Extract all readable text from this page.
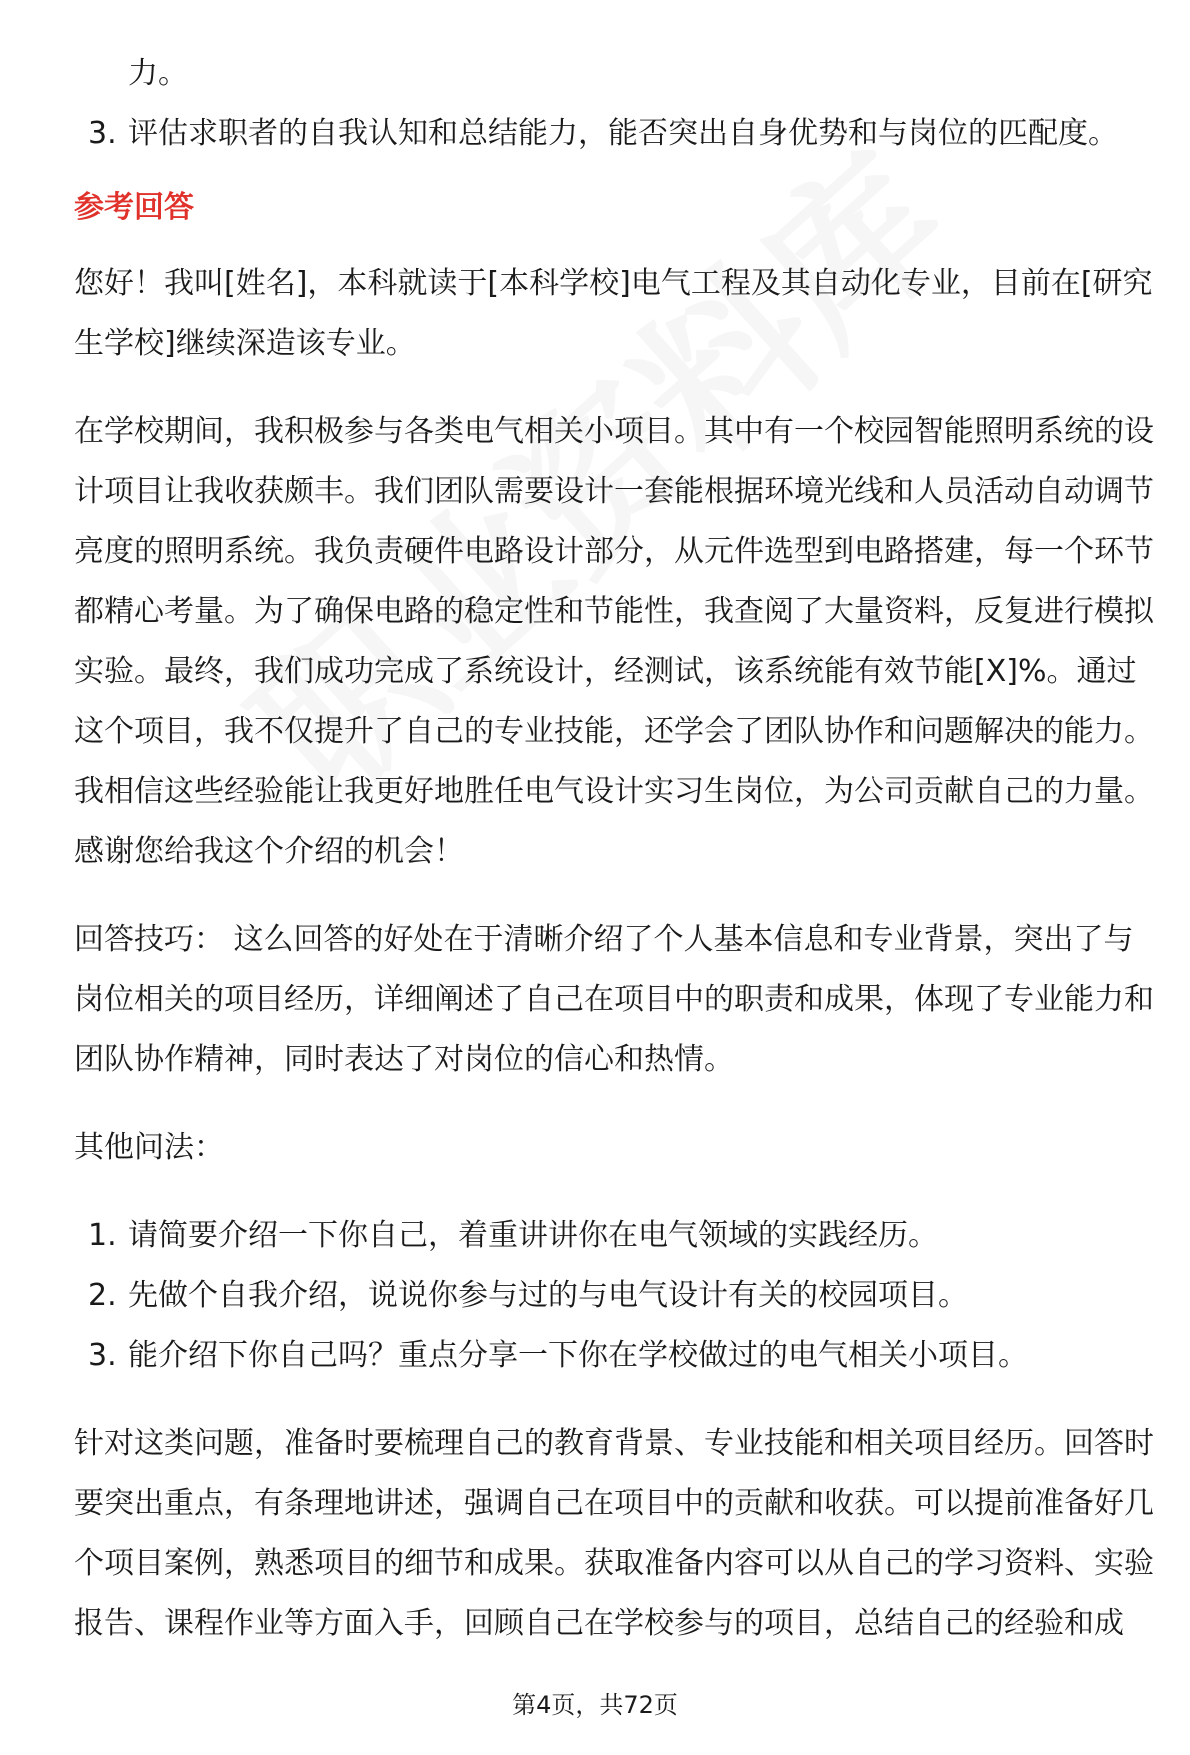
力。
3. 评估求职者的自我认知和总结能力，能否突出自身优势和与岗位的匹配度。
参考回答

您好！我叫[姓名]，本科就读于[本科学校]电气工程及其自动化专业，目前在[研究生学校]继续深造该专业。

在学校期间，我积极参与各类电气相关小项目。其中有一个校园智能照明系统的设计项目让我收获颇丰。我们团队需要设计一套能根据环境光线和人员活动自动调节亮度的照明系统。我负责硬件电路设计部分，从元件选型到电路搭建，每一个环节都精心考量。为了确保电路的稳定性和节能性，我查阅了大量资料，反复进行模拟实验。最终，我们成功完成了系统设计，经测试，该系统能有效节能[X]%。通过这个项目，我不仅提升了自己的专业技能，还学会了团队协作和问题解决的能力。我相信这些经验能让我更好地胜任电气设计实习生岗位，为公司贡献自己的力量。感谢您给我这个介绍的机会！

回答技巧： 这么回答的好处在于清晰介绍了个人基本信息和专业背景，突出了与岗位相关的项目经历，详细阐述了自己在项目中的职责和成果，体现了专业能力和团队协作精神，同时表达了对岗位的信心和热情。

其他问法：

1. 请简要介绍一下你自己，着重讲讲你在电气领域的实践经历。
2. 先做个自我介绍，说说你参与过的与电气设计有关的校园项目。
3. 能介绍下你自己吗？重点分享一下你在学校做过的电气相关小项目。

针对这类问题，准备时要梳理自己的教育背景、专业技能和相关项目经历。回答时要突出重点，有条理地讲述，强调自己在项目中的贡献和收获。可以提前准备好几个项目案例，熟悉项目的细节和成果。获取准备内容可以从自己的学习资料、实验报告、课程作业等方面入手，回顾自己在学校参与的项目，总结自己的经验和成

第4页，共72页
